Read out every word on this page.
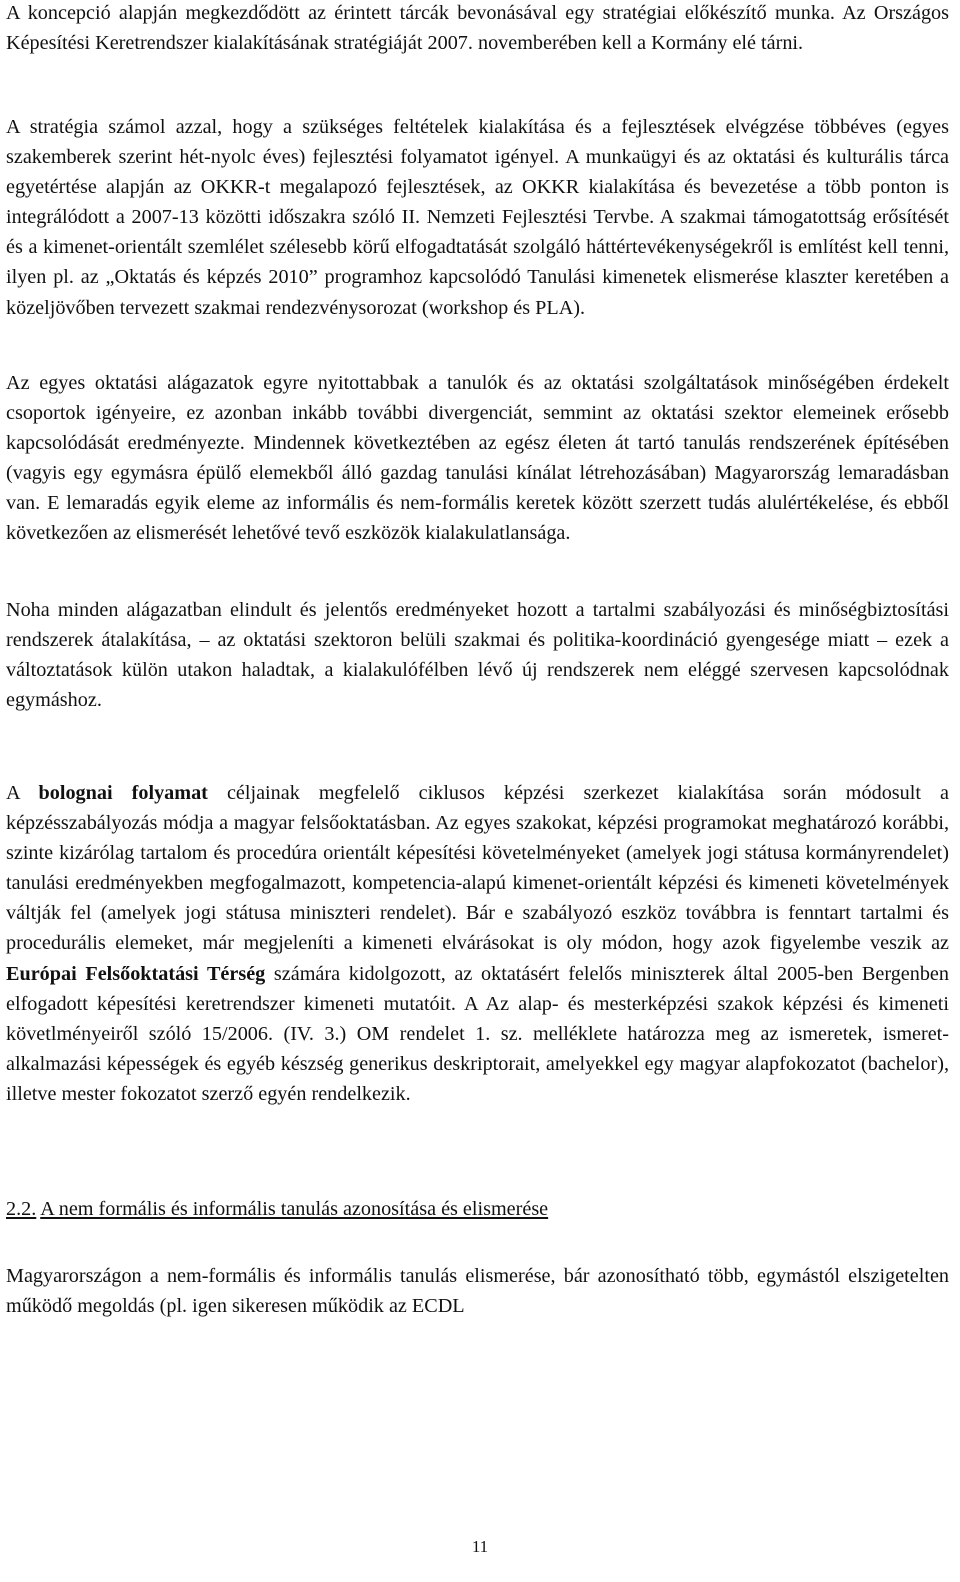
A koncepció alapján megkezdődött az érintett tárcák bevonásával egy stratégiai előkészítő munka. Az Országos Képesítési Keretrendszer kialakításának stratégiáját 2007. novemberében kell a Kormány elé tárni.

A stratégia számol azzal, hogy a szükséges feltételek kialakítása és a fejlesztések elvégzése többéves (egyes szakemberek szerint hét-nyolc éves) fejlesztési folyamatot igényel. A munkaügyi és az oktatási és kulturális tárca egyetértése alapján az OKKR-t megalapozó fejlesztések, az OKKR kialakítása és bevezetése a több ponton is integrálódott a 2007-13 közötti időszakra szóló II. Nemzeti Fejlesztési Tervbe. A szakmai támogatottság erősítését és a kimenet-orientált szemlélet szélesebb körű elfogadtatását szolgáló háttértevékenységekről is említést kell tenni, ilyen pl. az „Oktatás és képzés 2010” programhoz kapcsolódó Tanulási kimenetek elismerése klaszter keretében a közeljövőben tervezett szakmai rendezvénysorozat (workshop és PLA).

Az egyes oktatási alágazatok egyre nyitottabbak a tanulók és az oktatási szolgáltatások minőségében érdekelt csoportok igényeire, ez azonban inkább további divergenciát, semmint az oktatási szektor elemeinek erősebb kapcsolódását eredményezte. Mindennek következtében az egész életen át tartó tanulás rendszerének építésében (vagyis egy egymásra épülő elemekből álló gazdag tanulási kínálat létrehozásában) Magyarország lemaradásban van. E lemaradás egyik eleme az informális és nem-formális keretek között szerzett tudás alulértékelése, és ebből következően az elismerését lehetővé tevő eszközök kialakulatlansága.

Noha minden alágazatban elindult és jelentős eredményeket hozott a tartalmi szabályozási és minőségbiztosítási rendszerek átalakítása, – az oktatási szektoron belüli szakmai és politika-koordináció gyengesége miatt – ezek a változtatások külön utakon haladtak, a kialakulófélben lévő új rendszerek nem eléggé szervesen kapcsolódnak egymáshoz.

A bolognai folyamat céljainak megfelelő ciklusos képzési szerkezet kialakítása során módosult a képzésszabályozás módja a magyar felsőoktatásban. Az egyes szakokat, képzési programokat meghatározó korábbi, szinte kizárólag tartalom és procedúra orientált képesítési követelményeket (amelyek jogi státusa kormányrendelet) tanulási eredményekben megfogalmazott, kompetencia-alapú kimenet-orientált képzési és kimeneti követelmények váltják fel (amelyek jogi státusa miniszteri rendelet). Bár e szabályozó eszköz továbbra is fenntart tartalmi és procedurális elemeket, már megjeleníti a kimeneti elvárásokat is oly módon, hogy azok figyelembe veszik az Európai Felsőoktatási Térség számára kidolgozott, az oktatásért felelős miniszterek által 2005-ben Bergenben elfogadott képesítési keretrendszer kimeneti mutatóit. A Az alap- és mesterképzési szakok képzési és kimeneti követlményeiről szóló 15/2006. (IV. 3.) OM rendelet 1. sz. melléklete határozza meg az ismeretek, ismeret-alkalmazási képességek és egyéb készség generikus deskriptorait, amelyekkel egy magyar alapfokozatot (bachelor), illetve mester fokozatot szerző egyén rendelkezik.

2.2. A nem formális és informális tanulás azonosítása és elismerése

Magyarországon a nem-formális és informális tanulás elismerése, bár azonosítható több, egymástól elszigetelten működő megoldás (pl. igen sikeresen működik az ECDL

11
